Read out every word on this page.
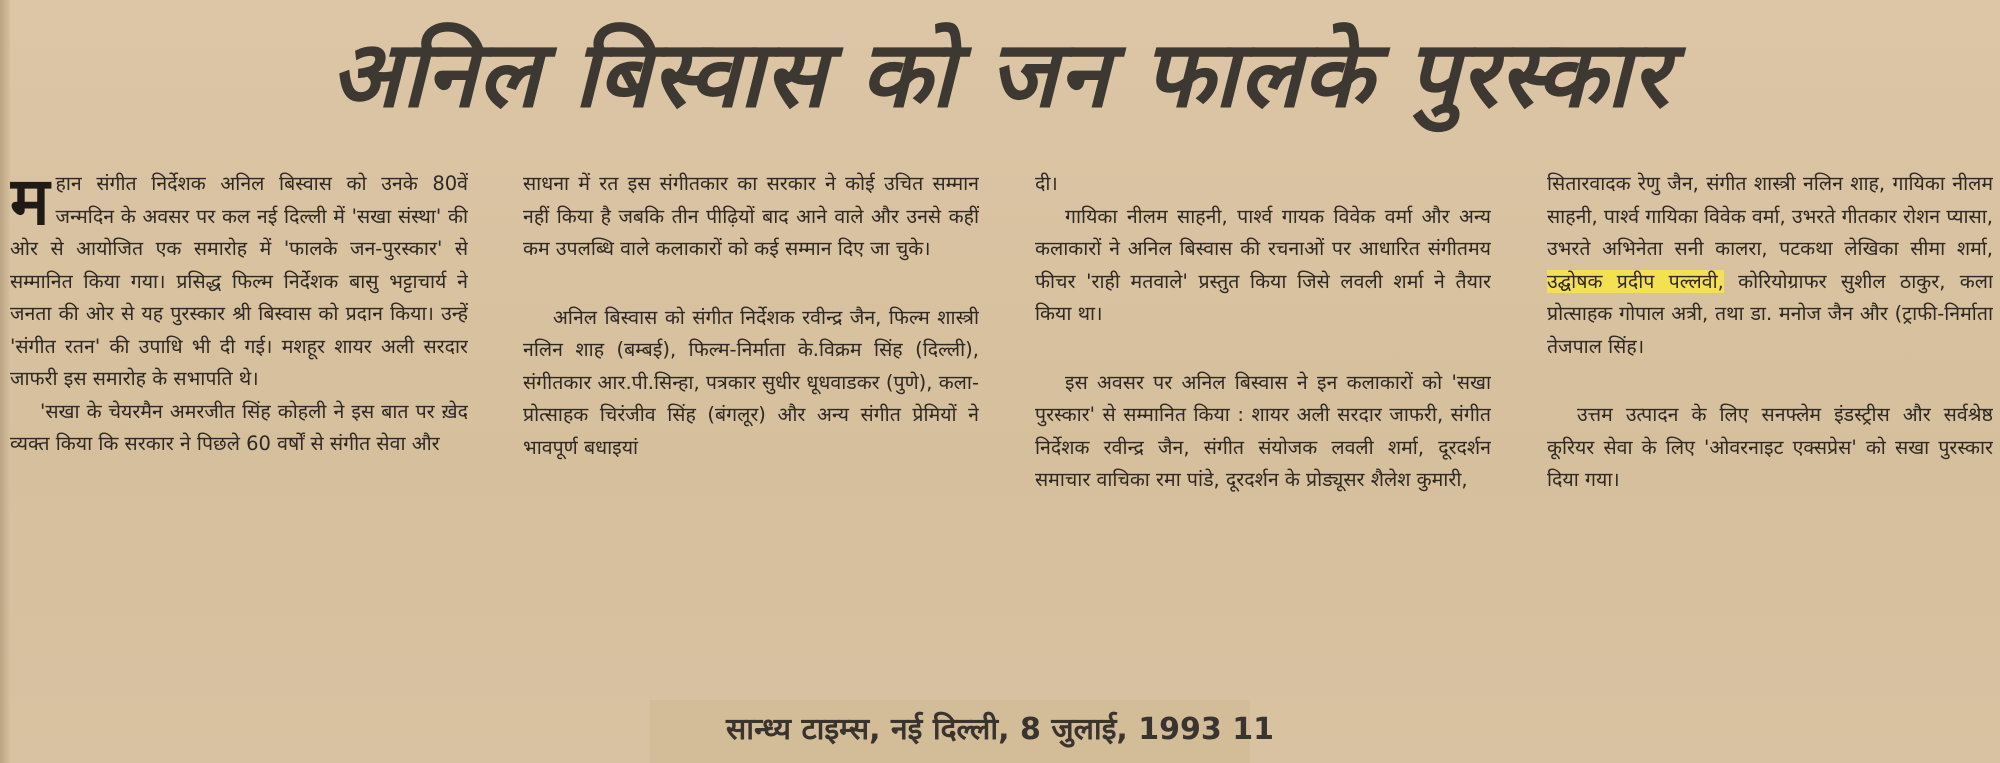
अनिल बिस्वास को जन फालके पुरस्कार

महान संगीत निर्देशक अनिल बिस्वास को उनके 80वें जन्मदिन के अवसर पर कल नई दिल्ली में 'सखा संस्था' की ओर से आयोजित एक समारोह में 'फालके जन-पुरस्कार' से सम्मानित किया गया। प्रसिद्ध फिल्म निर्देशक बासु भट्टाचार्य ने जनता की ओर से यह पुरस्कार श्री बिस्वास को प्रदान किया। उन्हें 'संगीत रतन' की उपाधि भी दी गई। मशहूर शायर अली सरदार जाफरी इस समारोह के सभापति थे।

'सखा के चेयरमैन अमरजीत सिंह कोहली ने इस बात पर ख़ेद व्यक्त किया कि सरकार ने पिछले 60 वर्षों से संगीत सेवा और

साधना में रत इस संगीतकार का सरकार ने कोई उचित सम्मान नहीं किया है जबकि तीन पीढ़ियों बाद आने वाले और उनसे कहीं कम उपलब्धि वाले कलाकारों को कई सम्मान दिए जा चुके।

अनिल बिस्वास को संगीत निर्देशक रवीन्द्र जैन, फिल्म शास्त्री नलिन शाह (बम्बई), फिल्म-निर्माता के.विक्रम सिंह (दिल्ली), संगीतकार आर.पी.सिन्हा, पत्रकार सुधीर धूधवाडकर (पुणे), कला-प्रोत्साहक चिरंजीव सिंह (बंगलूर) और अन्य संगीत प्रेमियों ने भावपूर्ण बधाइयां

दी।

गायिका नीलम साहनी, पार्श्व गायक विवेक वर्मा और अन्य कलाकारों ने अनिल बिस्वास की रचनाओं पर आधारित संगीतमय फीचर 'राही मतवाले' प्रस्तुत किया जिसे लवली शर्मा ने तैयार किया था।

इस अवसर पर अनिल बिस्वास ने इन कलाकारों को 'सखा पुरस्कार' से सम्मानित किया : शायर अली सरदार जाफरी, संगीत निर्देशक रवीन्द्र जैन, संगीत संयोजक लवली शर्मा, दूरदर्शन समाचार वाचिका रमा पांडे, दूरदर्शन के प्रोड्यूसर शैलेश कुमारी,

सितारवादक रेणु जैन, संगीत शास्त्री नलिन शाह, गायिका नीलम साहनी, पार्श्व गायिका विवेक वर्मा, उभरते गीतकार रोशन प्यासा, उभरते अभिनेता सनी कालरा, पटकथा लेखिका सीमा शर्मा, उद्घोषक प्रदीप पल्लवी, कोरियोग्राफर सुशील ठाकुर, कला प्रोत्साहक गोपाल अत्री, तथा डा. मनोज जैन और (ट्राफी-निर्माता तेजपाल सिंह।

उत्तम उत्पादन के लिए सनफ्लेम इंडस्ट्रीस और सर्वश्रेष्ठ कूरियर सेवा के लिए 'ओवरनाइट एक्सप्रेस' को सखा पुरस्कार दिया गया।

सान्ध्य टाइम्स, नई दिल्ली, 8 जुलाई, 1993 11
